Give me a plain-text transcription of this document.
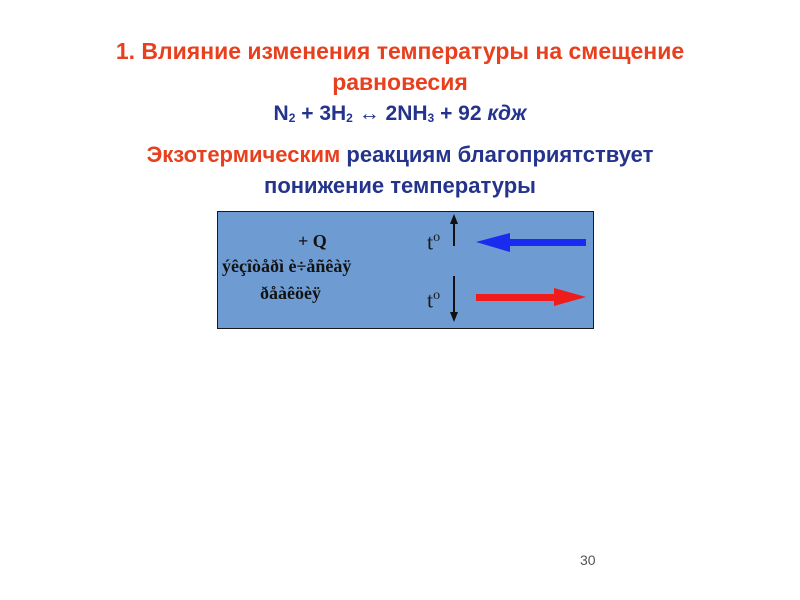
1. Влияние изменения температуры на смещение
равновесия
$N_2 + 3H_2$ ↔ $2NH_3 + 92$ кдж
Экзотермическим реакциям благоприятствует
понижение температуры
+ Q
ýêçîòåðì è÷åñêàÿ
ðåàêöèÿ
$t^o$
$t^o$
30
